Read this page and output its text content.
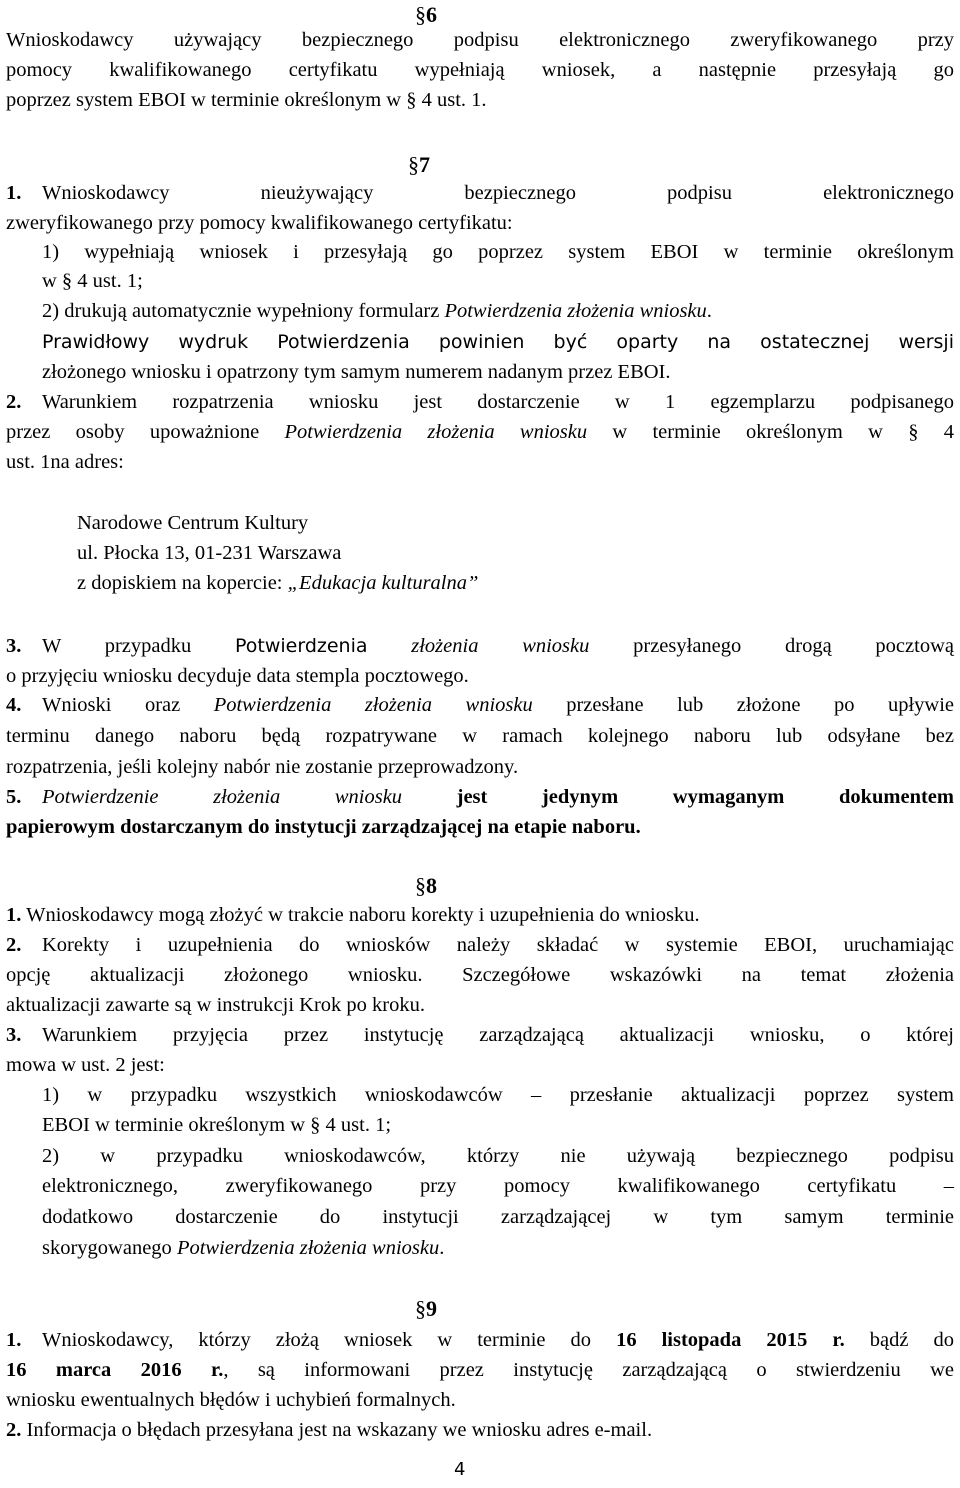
§6
Wnioskodawcy używający bezpiecznego podpisu elektronicznego zweryfikowanego przy
pomocy kwalifikowanego certyfikatu wypełniają wniosek, a następnie przesyłają go
poprzez system EBOI w terminie określonym w § 4 ust. 1.
§7
1. Wnioskodawcy nieużywający bezpiecznego podpisu elektronicznego
zweryfikowanego przy pomocy kwalifikowanego certyfikatu:
1) wypełniają wniosek i przesyłają go poprzez system EBOI w terminie określonym
w § 4 ust. 1;
2) drukują automatycznie wypełniony formularz Potwierdzenia złożenia wniosku.
Prawidłowy wydruk Potwierdzenia powinien być oparty na ostatecznej wersji
złożonego wniosku i opatrzony tym samym numerem nadanym przez EBOI.
2. Warunkiem rozpatrzenia wniosku jest dostarczenie w 1 egzemplarzu podpisanego
przez osoby upoważnione Potwierdzenia złożenia wniosku w terminie określonym w § 4
ust. 1na adres:
Narodowe Centrum Kultury
ul. Płocka 13, 01-231 Warszawa
z dopiskiem na kopercie: „Edukacja kulturalna”
3. W przypadku Potwierdzenia złożenia wniosku przesyłanego drogą pocztową
o przyjęciu wniosku decyduje data stempla pocztowego.
4. Wnioski oraz Potwierdzenia złożenia wniosku przesłane lub złożone po upływie
terminu danego naboru będą rozpatrywane w ramach kolejnego naboru lub odsyłane bez
rozpatrzenia, jeśli kolejny nabór nie zostanie przeprowadzony.
5. Potwierdzenie złożenia wniosku jest jedynym wymaganym dokumentem
papierowym dostarczanym do instytucji zarządzającej na etapie naboru.
§8
1. Wnioskodawcy mogą złożyć w trakcie naboru korekty i uzupełnienia do wniosku.
2. Korekty i uzupełnienia do wniosków należy składać w systemie EBOI, uruchamiając
opcję aktualizacji złożonego wniosku. Szczegółowe wskazówki na temat złożenia
aktualizacji zawarte są w instrukcji Krok po kroku.
3. Warunkiem przyjęcia przez instytucję zarządzającą aktualizacji wniosku, o której
mowa w ust. 2 jest:
1) w przypadku wszystkich wnioskodawców – przesłanie aktualizacji poprzez system
EBOI w terminie określonym w § 4 ust. 1;
2) w przypadku wnioskodawców, którzy nie używają bezpiecznego podpisu
elektronicznego, zweryfikowanego przy pomocy kwalifikowanego certyfikatu –
dodatkowo dostarczenie do instytucji zarządzającej w tym samym terminie
skorygowanego Potwierdzenia złożenia wniosku.
§9
1. Wnioskodawcy, którzy złożą wniosek w terminie do 16 listopada 2015 r. bądź do
16 marca 2016 r., są informowani przez instytucję zarządzającą o stwierdzeniu we
wniosku ewentualnych błędów i uchybień formalnych.
2. Informacja o błędach przesyłana jest na wskazany we wniosku adres e-mail.
4
